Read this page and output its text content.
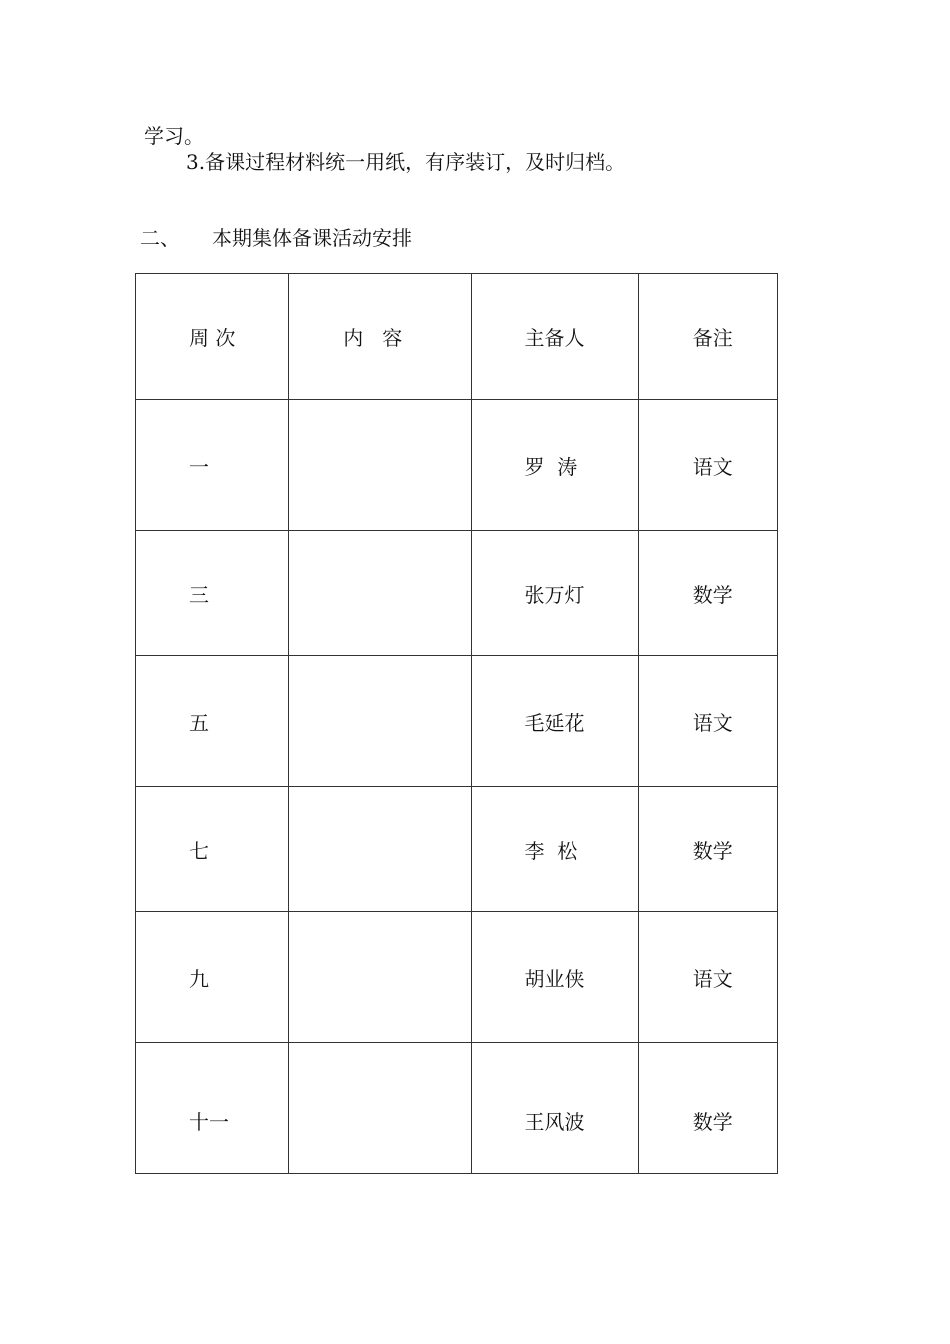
学习。
3.备课过程材料统一用纸，有序装订，及时归档。
二、 本期集体备课活动安排
周 次	内   容	主备人	备注

一		罗  涛	语文

三		张万灯	数学

五		毛延花	语文

七		李  松	数学

九		胡业侠	语文

十一		王风波	数学
